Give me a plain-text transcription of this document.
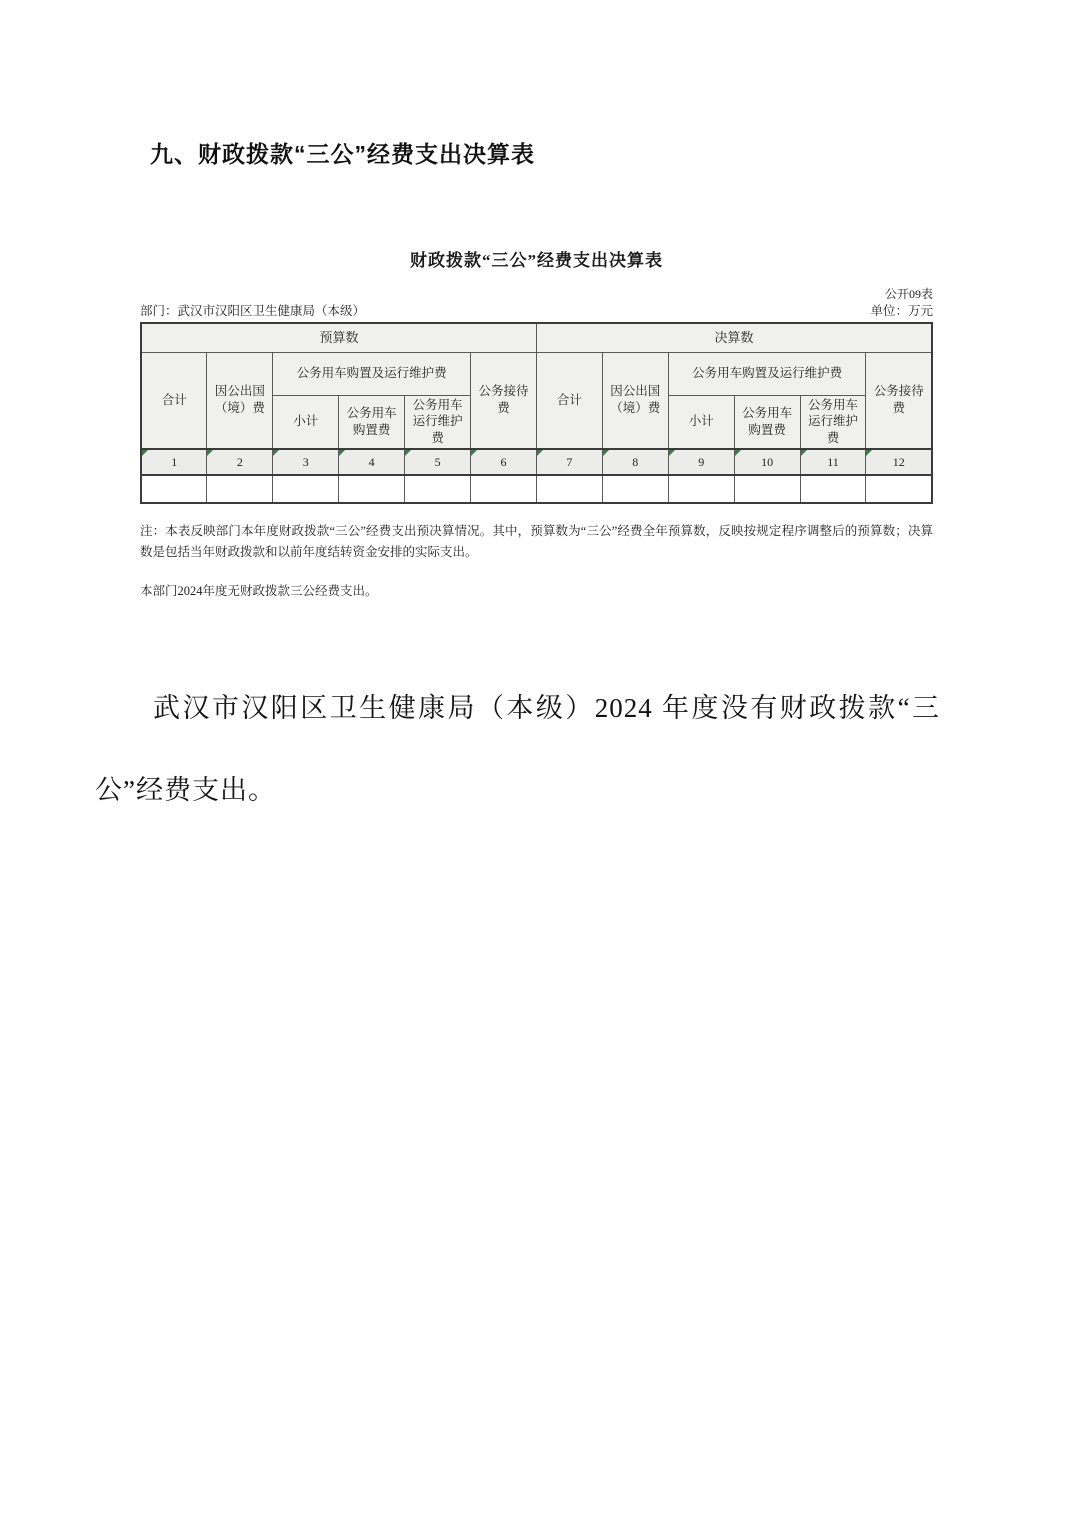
九、财政拨款“三公”经费支出决算表
财政拨款“三公”经费支出决算表
公开09表
部门：武汉市汉阳区卫生健康局（本级）	单位：万元
预算数						决算数					
合计	因公出国（境）费	公务用车购置及运行维护费			公务接待费	合计	因公出国（境）费	公务用车购置及运行维护费			公务接待费
		小计	公务用车购置费	公务用车运行维护费				小计	公务用车购置费	公务用车运行维护费	
1	2	3	4	5	6	7	8	9	10	11	12

注：本表反映部门本年度财政拨款“三公”经费支出预决算情况。其中，预算数为“三公”经费全年预算数，反映按规定程序调整后的预算数；决算数是包括当年财政拨款和以前年度结转资金安排的实际支出。
本部门2024年度无财政拨款三公经费支出。
武汉市汉阳区卫生健康局（本级）2024 年度没有财政拨款“三公”经费支出。
